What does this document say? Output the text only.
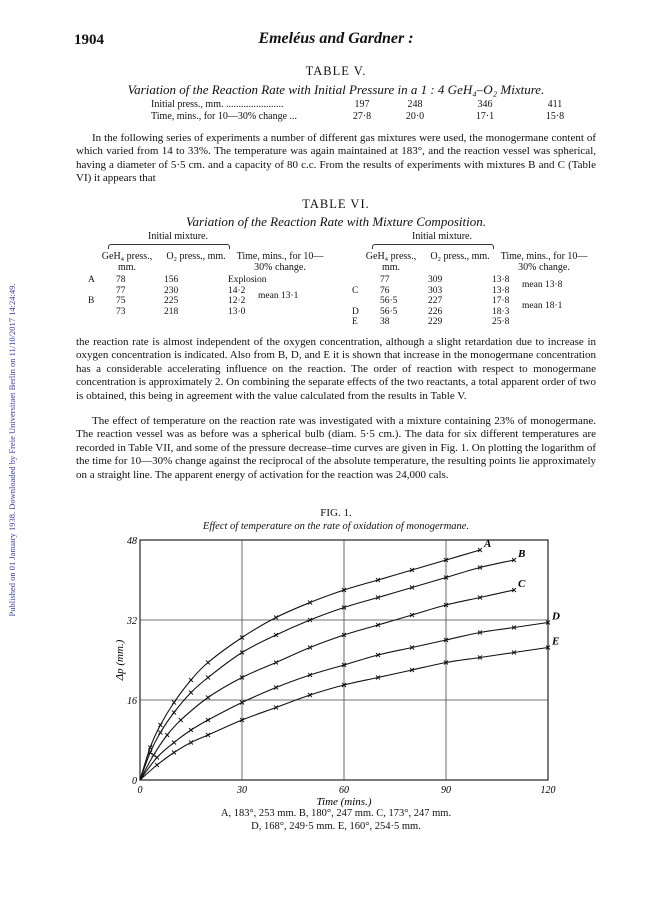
Published on 01 January 1938. Downloaded by Freie Universitaet Berlin on 11/10/2017 14:24:49.
1904	Emeléus and Gardner :
TABLE V.
Variation of the Reaction Rate with Initial Pressure in a 1 : 4 GeH₄–O₂ Mixture.
Initial press., mm. .......................	197	248	346	411
Time, mins., for 10—30% change ...	27·8	20·0	17·1	15·8

In the following series of experiments a number of different gas mixtures were used, the monogermane content of which varied from 14 to 33%. The temperature was again maintained at 183°, and the reaction vessel was spherical, having a diameter of 5·5 cm. and a capacity of 80 c.c. From the results of experiments with mixtures B and C (Table VI) it appears that

TABLE VI.
Variation of the Reaction Rate with Mixture Composition.
Initial mixture.
GeH₄ press., mm.
O₂ press., mm.	Time, mins., for 10—30% change.
A	78	156	Explosion
77	230	14·2
B	75	225	12·2	mean 13·1
73	218	13·0
Initial mixture.
GeH₄ press., mm.
O₂ press., mm.	Time, mins., for 10—30% change.
77	309	13·8	mean 13·8
C	76	303	13·8
56·5	227	17·8	mean 18·1
D	56·5	226	18·3
E	38	229	25·8

the reaction rate is almost independent of the oxygen concentration, although a slight retardation due to increase in oxygen concentration is indicated. Also from B, D, and E it is shown that increase in the monogermane concentration has a considerable accelerating influence on the reaction. The order of reaction with respect to monogermane concentration is approximately 2. On combining the separate effects of the two reactants, a total apparent order of two is obtained, this being in agreement with the value calculated from the results in Table V.

The effect of temperature on the reaction rate was investigated with a mixture containing 23% of monogermane. The reaction vessel was as before was a spherical bulb (diam. 5·5 cm.). The data for six different temperatures are recorded in Table VII, and some of the pressure decrease–time curves are given in Fig. 1. On plotting the logarithm of the time for 10—30% change against the reciprocal of the absolute temperature, the resulting points lie approximately on a straight line. The apparent energy of activation for the reaction was 24,000 cals.

FIG. 1.
Effect of temperature on the rate of oxidation of monogermane.
0	30	60	90	120
0
16
32
48
Time (mins.)
Δp (mm.)
A
B
C
D
E
A, 183°, 253 mm. B, 180°, 247 mm. C, 173°, 247 mm.
D, 168°, 249·5 mm. E, 160°, 254·5 mm.
